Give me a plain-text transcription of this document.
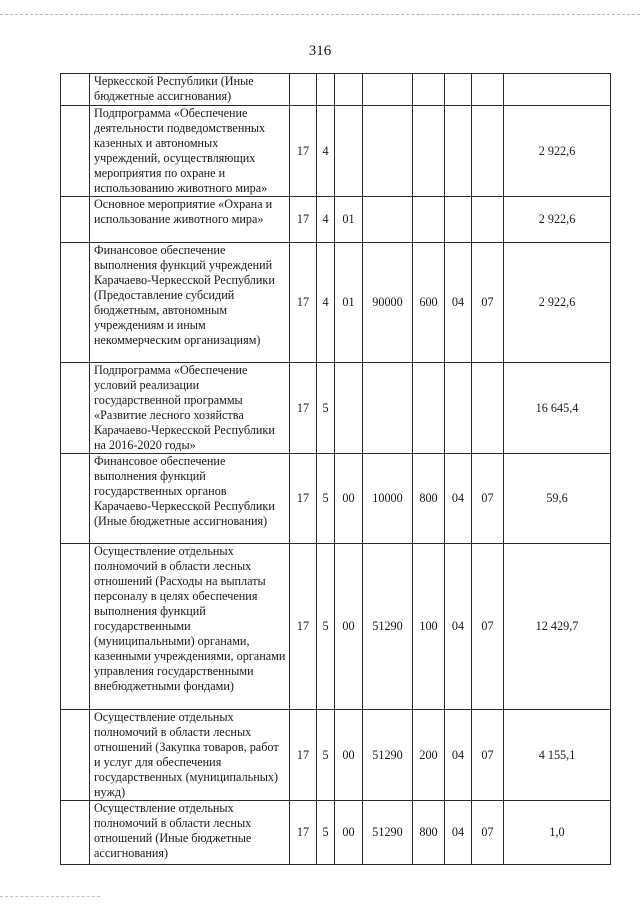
316
	Черкесской Республики (Иные бюджетные ассигнования)								
	Подпрограмма «Обеспечение деятельности подведомственных казенных и автономных учреждений, осуществляющих мероприятия по охране и использованию животного мира»	17	4						2 922,6
	Основное мероприятие «Охрана и использование животного мира»	17	4	01					2 922,6
	Финансовое обеспечение выполнения функций учреждений Карачаево-Черкесской Республики (Предоставление субсидий бюджетным, автономным учреждениям и иным некоммерческим организациям)	17	4	01	90000	600	04	07	2 922,6
	Подпрограмма «Обеспечение условий реализации государственной программы «Развитие лесного хозяйства Карачаево-Черкесской Республики на 2016-2020 годы»	17	5						16 645,4
	Финансовое обеспечение выполнения функций государственных органов Карачаево-Черкесской Республики (Иные бюджетные ассигнования)	17	5	00	10000	800	04	07	59,6
	Осуществление отдельных полномочий в области лесных отношений (Расходы на выплаты персоналу в целях обеспечения выполнения функций государственными (муниципальными) органами, казенными учреждениями, органами управления государственными внебюджетными фондами)	17	5	00	51290	100	04	07	12 429,7
	Осуществление отдельных полномочий в области лесных отношений (Закупка товаров, работ и услуг для обеспечения государственных (муниципальных) нужд)	17	5	00	51290	200	04	07	4 155,1
	Осуществление отдельных полномочий в области лесных отношений (Иные бюджетные ассигнования)	17	5	00	51290	800	04	07	1,0
